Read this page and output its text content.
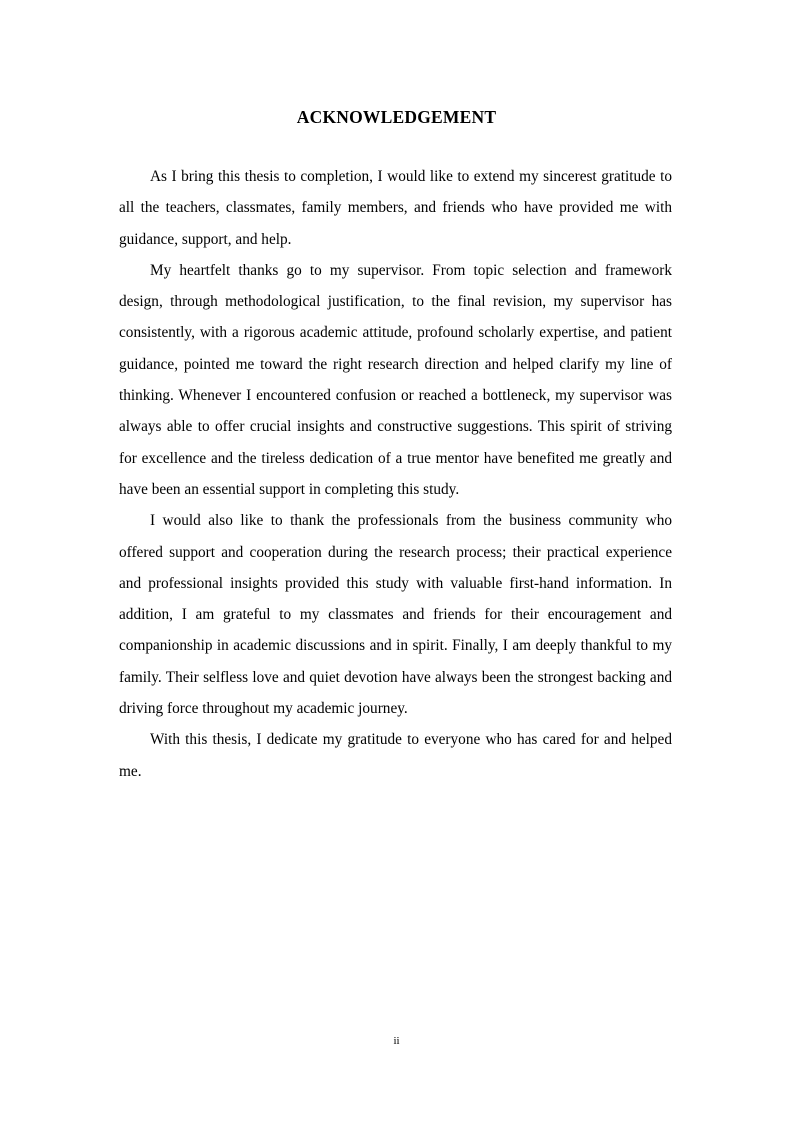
ACKNOWLEDGEMENT

As I bring this thesis to completion, I would like to extend my sincerest gratitude to all the teachers, classmates, family members, and friends who have provided me with guidance, support, and help.

My heartfelt thanks go to my supervisor. From topic selection and framework design, through methodological justification, to the final revision, my supervisor has consistently, with a rigorous academic attitude, profound scholarly expertise, and patient guidance, pointed me toward the right research direction and helped clarify my line of thinking. Whenever I encountered confusion or reached a bottleneck, my supervisor was always able to offer crucial insights and constructive suggestions. This spirit of striving for excellence and the tireless dedication of a true mentor have benefited me greatly and have been an essential support in completing this study.

I would also like to thank the professionals from the business community who offered support and cooperation during the research process; their practical experience and professional insights provided this study with valuable first-hand information. In addition, I am grateful to my classmates and friends for their encouragement and companionship in academic discussions and in spirit. Finally, I am deeply thankful to my family. Their selfless love and quiet devotion have always been the strongest backing and driving force throughout my academic journey.

With this thesis, I dedicate my gratitude to everyone who has cared for and helped me.

ii
